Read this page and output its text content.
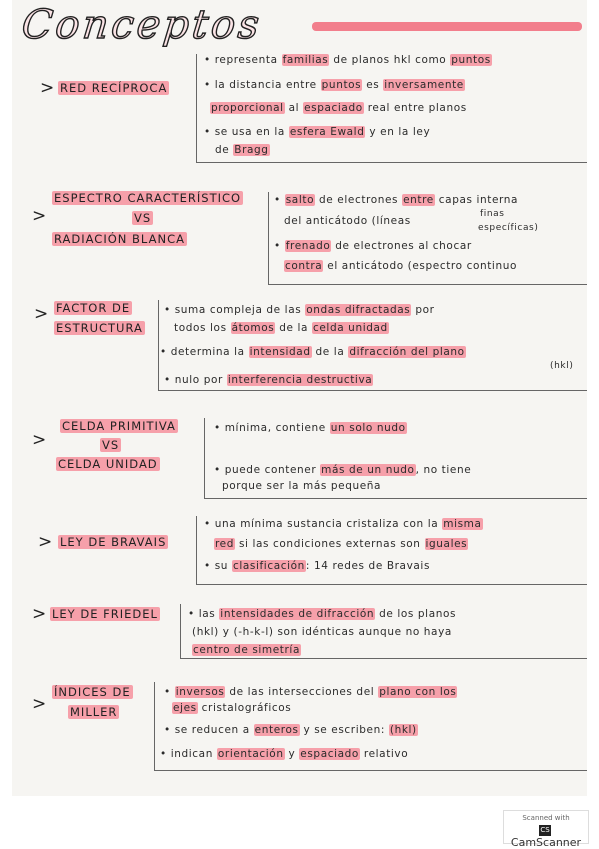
Conceptos
> RED RECÍPROCA
• representa familias de planos hkl como puntos
• la distancia entre puntos es inversamente
proporcional al espaciado real entre planos
• se usa en la esfera Ewald y en la ley
de Bragg
>
ESPECTRO CARACTERÍSTICO
VS
RADIACIÓN BLANCA
• salto de electrones entre capas interna
del anticátodo (líneas
finas
específicas)
• frenado de electrones al chocar
contra el anticátodo (espectro continuo
> FACTOR DE
ESTRUCTURA
• suma compleja de las ondas difractadas por
todos los átomos de la celda unidad
• determina la intensidad de la difracción del plano
(hkl)
• nulo por interferencia destructiva
>
CELDA PRIMITIVA
VS
CELDA UNIDAD
• mínima, contiene un solo nudo
• puede contener más de un nudo, no tiene
porque ser la más pequeña
> LEY DE BRAVAIS
• una mínima sustancia cristaliza con la misma
red si las condiciones externas son iguales
• su clasificación: 14 redes de Bravais
> LEY DE FRIEDEL	• las intensidades de difracción de los planos
(hkl) y (-h-k-l) son idénticas aunque no haya
centro de simetría
>
ÍNDICES DE
MILLER
• inversos de las intersecciones del plano con los
ejes cristalográficos
• se reducen a enteros y se escriben: (hkl)
• indican orientación y espaciado relativo
Scanned with
CSCamScanner
